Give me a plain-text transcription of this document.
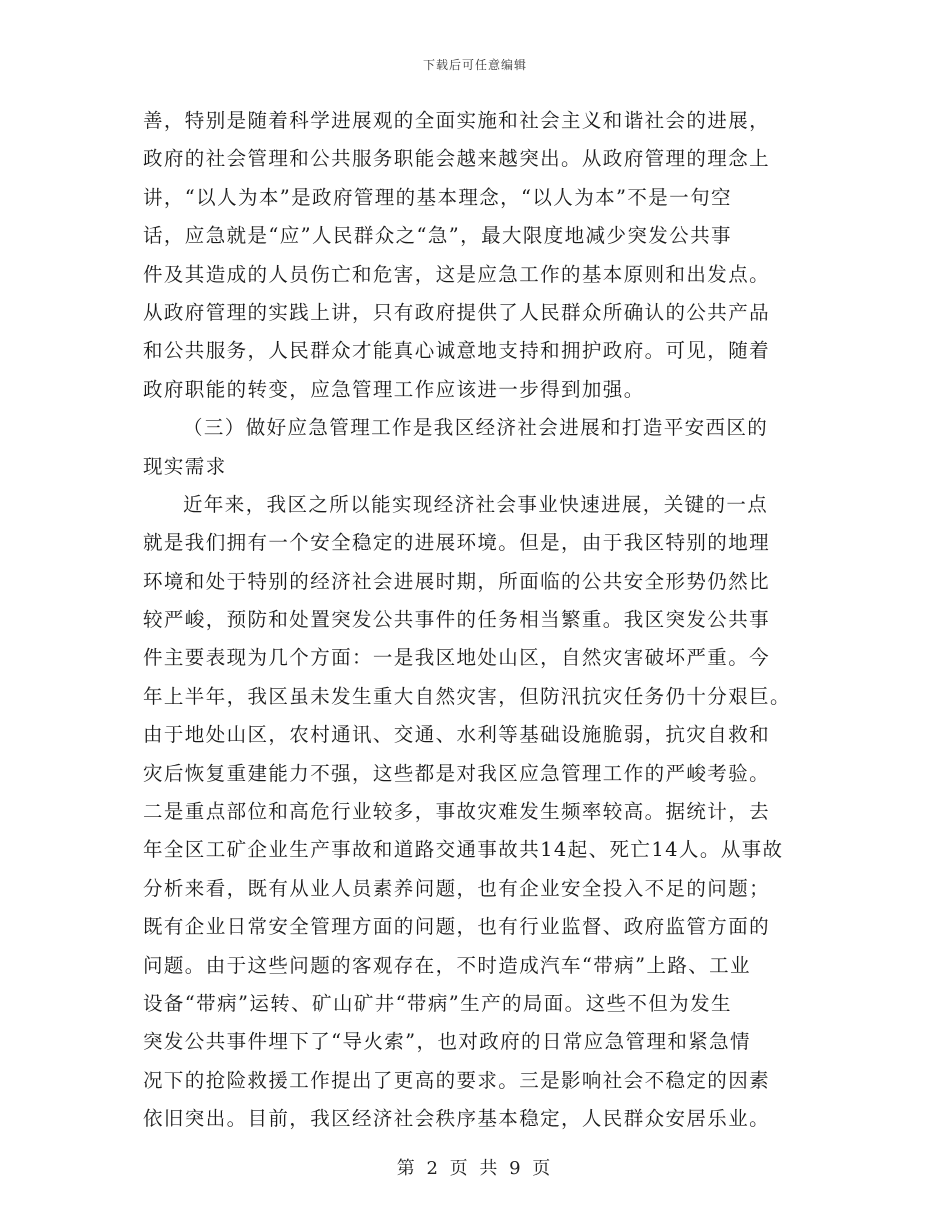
下载后可任意编辑
善，特别是随着科学进展观的全面实施和社会主义和谐社会的进展，
政府的社会管理和公共服务职能会越来越突出。从政府管理的理念上
讲，“以人为本”是政府管理的基本理念，“以人为本”不是一句空
话，应急就是“应”人民群众之“急”，最大限度地减少突发公共事
件及其造成的人员伤亡和危害，这是应急工作的基本原则和出发点。
从政府管理的实践上讲，只有政府提供了人民群众所确认的公共产品
和公共服务，人民群众才能真心诚意地支持和拥护政府。可见，随着
政府职能的转变，应急管理工作应该进一步得到加强。
（三）做好应急管理工作是我区经济社会进展和打造平安西区的
现实需求
近年来，我区之所以能实现经济社会事业快速进展，关键的一点
就是我们拥有一个安全稳定的进展环境。但是，由于我区特别的地理
环境和处于特别的经济社会进展时期，所面临的公共安全形势仍然比
较严峻，预防和处置突发公共事件的任务相当繁重。我区突发公共事
件主要表现为几个方面：一是我区地处山区，自然灾害破坏严重。今
年上半年，我区虽未发生重大自然灾害，但防汛抗灾任务仍十分艰巨。
由于地处山区，农村通讯、交通、水利等基础设施脆弱，抗灾自救和
灾后恢复重建能力不强，这些都是对我区应急管理工作的严峻考验。
二是重点部位和高危行业较多，事故灾难发生频率较高。据统计，去
年全区工矿企业生产事故和道路交通事故共14起、死亡14人。从事故
分析来看，既有从业人员素养问题，也有企业安全投入不足的问题；
既有企业日常安全管理方面的问题，也有行业监督、政府监管方面的
问题。由于这些问题的客观存在，不时造成汽车“带病”上路、工业
设备“带病”运转、矿山矿井“带病”生产的局面。这些不但为发生
突发公共事件埋下了“导火索”，也对政府的日常应急管理和紧急情
况下的抢险救援工作提出了更高的要求。三是影响社会不稳定的因素
依旧突出。目前，我区经济社会秩序基本稳定，人民群众安居乐业。
第 2 页 共 9 页
